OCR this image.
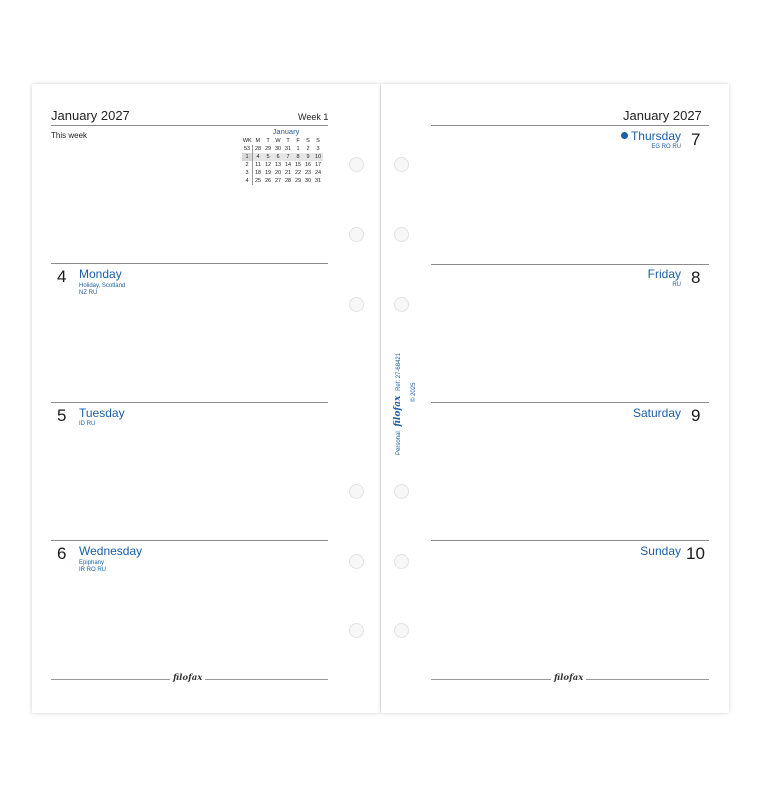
January 2027	Week 1
This week	January
WK	M	T	W	T	F	S	S
53	28	29	30	31	1	2	3
1	4	5	6	7	8	9	10
2	11	12	13	14	15	16	17
3	18	19	20	21	22	23	24
4	25	26	27	28	29	30	31
4 Monday
Holiday, Scotland
NZ RU
5 Tuesday
ID RU
6 Wednesday
Epiphany
IR RO RU
filofax
January 2027
Thursday 7
EG RO RU
Friday 8
RU
Saturday 9
Sunday 10
filofax
Personal filofax Ref: 27-68421
© 2025
